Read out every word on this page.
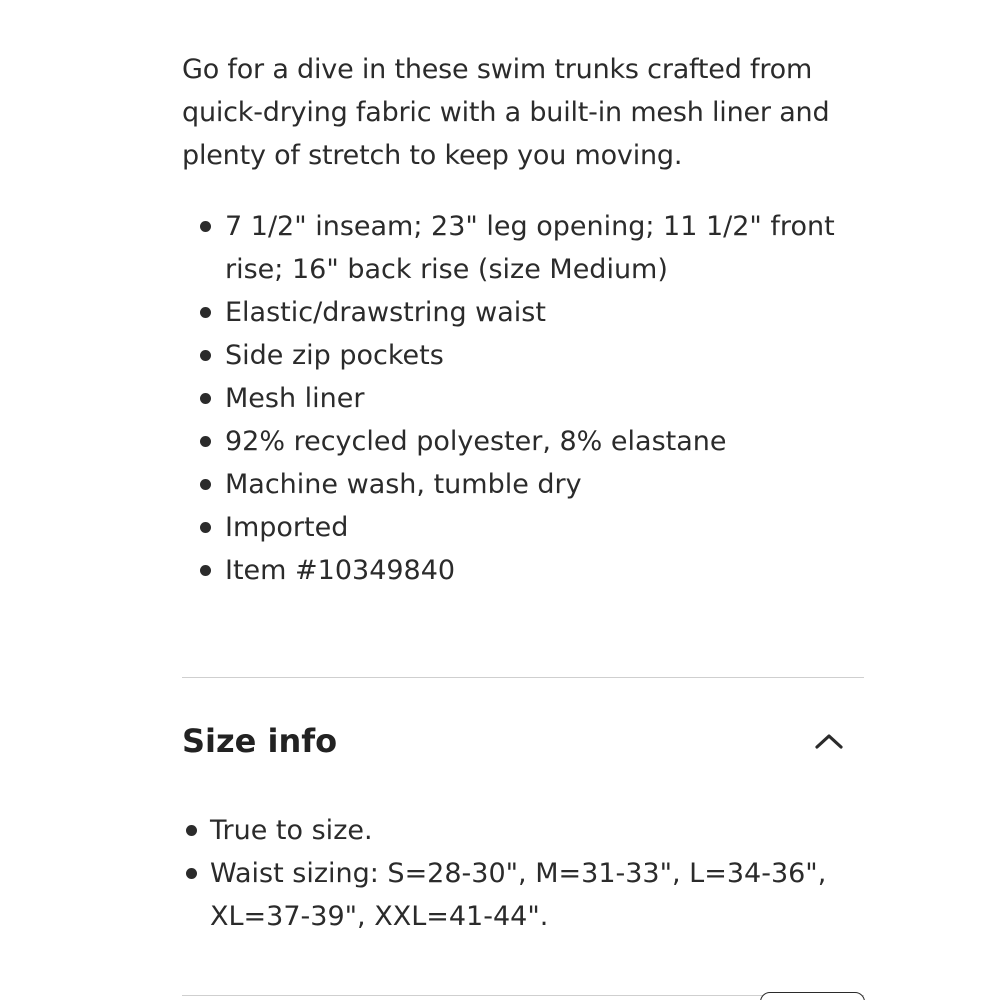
Go for a dive in these swim trunks crafted from quick-drying fabric with a built-in mesh liner and plenty of stretch to keep you moving.

7 1/2" inseam; 23" leg opening; 11 1/2" front rise; 16" back rise (size Medium)
Elastic/drawstring waist
Side zip pockets
Mesh liner
92% recycled polyester, 8% elastane
Machine wash, tumble dry
Imported
Item #10349840
Size info
True to size.
Waist sizing: S=28-30", M=31-33", L=34-36", XL=37-39", XXL=41-44".
